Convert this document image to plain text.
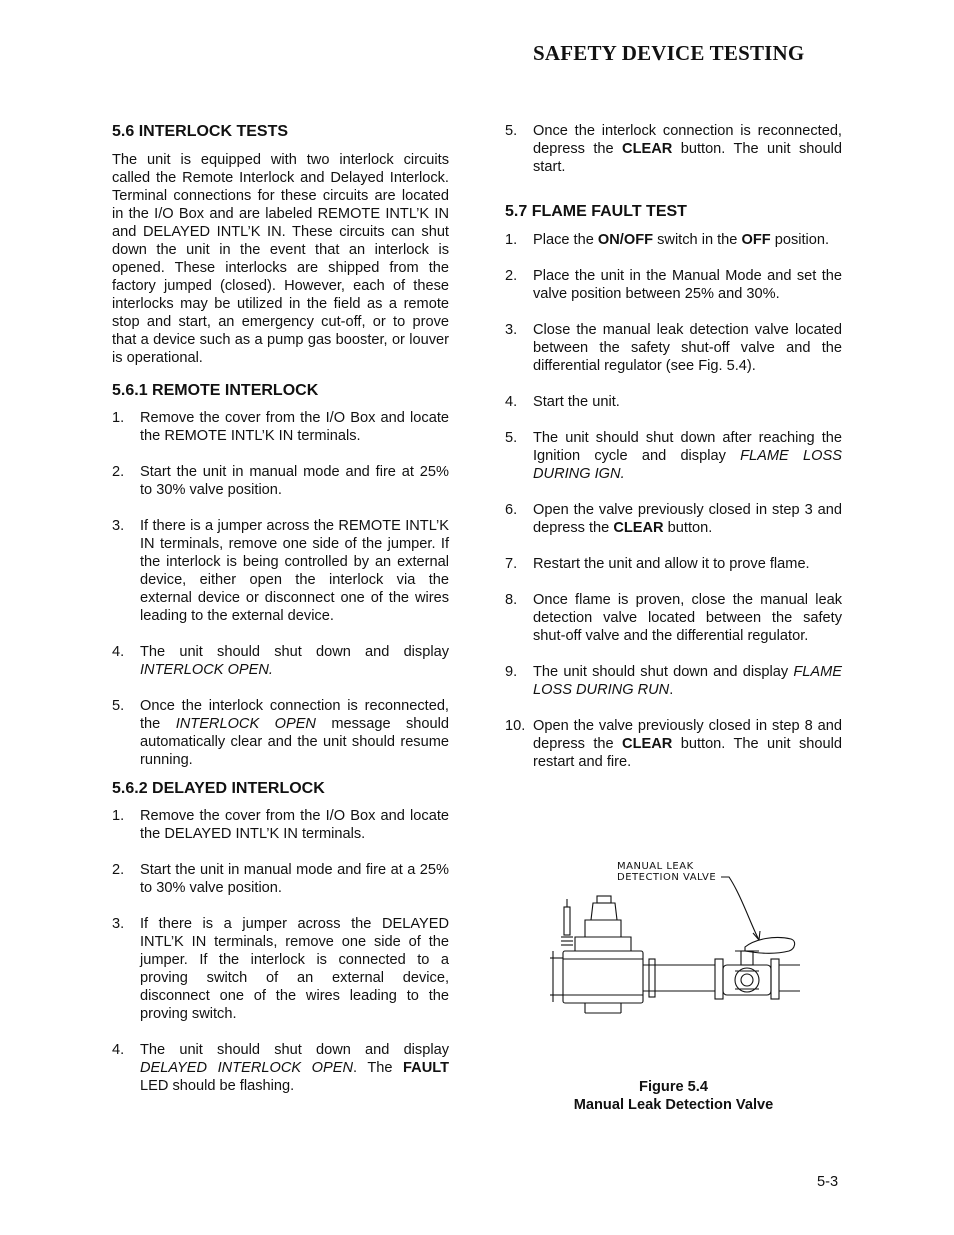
SAFETY DEVICE TESTING
5.6 INTERLOCK TESTS

The unit is equipped with two interlock circuits called the Remote Interlock and Delayed Interlock. Terminal connections for these circuits are located in the I/O Box and are labeled REMOTE INTL’K IN and DELAYED INTL’K IN. These circuits can shut down the unit in the event that an interlock is opened. These interlocks are shipped from the factory jumped (closed). However, each of these interlocks may be utilized in the field as a remote stop and start, an emergency cut-off, or to prove that a device such as a pump gas booster, or louver is operational.

5.6.1 REMOTE INTERLOCK
1.	Remove the cover from the I/O Box and locate the REMOTE INTL’K IN terminals.
2.	Start the unit in manual mode and fire at 25% to 30% valve position.
3.	If there is a jumper across the REMOTE INTL’K IN terminals, remove one side of the jumper. If the interlock is being controlled by an external device, either open the interlock via the external device or disconnect one of the wires leading to the external device.
4.	The unit should shut down and display INTERLOCK OPEN.
5.	Once the interlock connection is reconnected, the INTERLOCK OPEN message should automatically clear and the unit should resume running.
5.6.2 DELAYED INTERLOCK
1.	Remove the cover from the I/O Box and locate the DELAYED INTL’K IN terminals.
2.	Start the unit in manual mode and fire at a 25% to 30% valve position.
3.	If there is a jumper across the DELAYED INTL’K IN terminals, remove one side of the jumper. If the interlock is connected to a proving switch of an external device, disconnect one of the wires leading to the proving switch.
4.	The unit should shut down and display DELAYED INTERLOCK OPEN. The FAULT LED should be flashing.
5.	Once the interlock connection is reconnected, depress the CLEAR button. The unit should start.
5.7 FLAME FAULT TEST
1.	Place the ON/OFF switch in the OFF position.
2.	Place the unit in the Manual Mode and set the valve position between 25% and 30%.
3.	Close the manual leak detection valve located between the safety shut-off valve and the differential regulator (see Fig. 5.4).
4.	Start the unit.
5.	The unit should shut down after reaching the Ignition cycle and display FLAME LOSS DURING IGN.
6.	Open the valve previously closed in step 3 and depress the CLEAR button.
7.	Restart the unit and allow it to prove flame.
8.	Once flame is proven, close the manual leak detection valve located between the safety shut-off valve and the differential regulator.
9.	The unit should shut down and display FLAME LOSS DURING RUN.
10. Open the valve previously closed in step 8 and depress the CLEAR button. The unit should restart and fire.
MANUAL LEAK
DETECTION VALVE
Figure 5.4
Manual Leak Detection Valve
5-3
